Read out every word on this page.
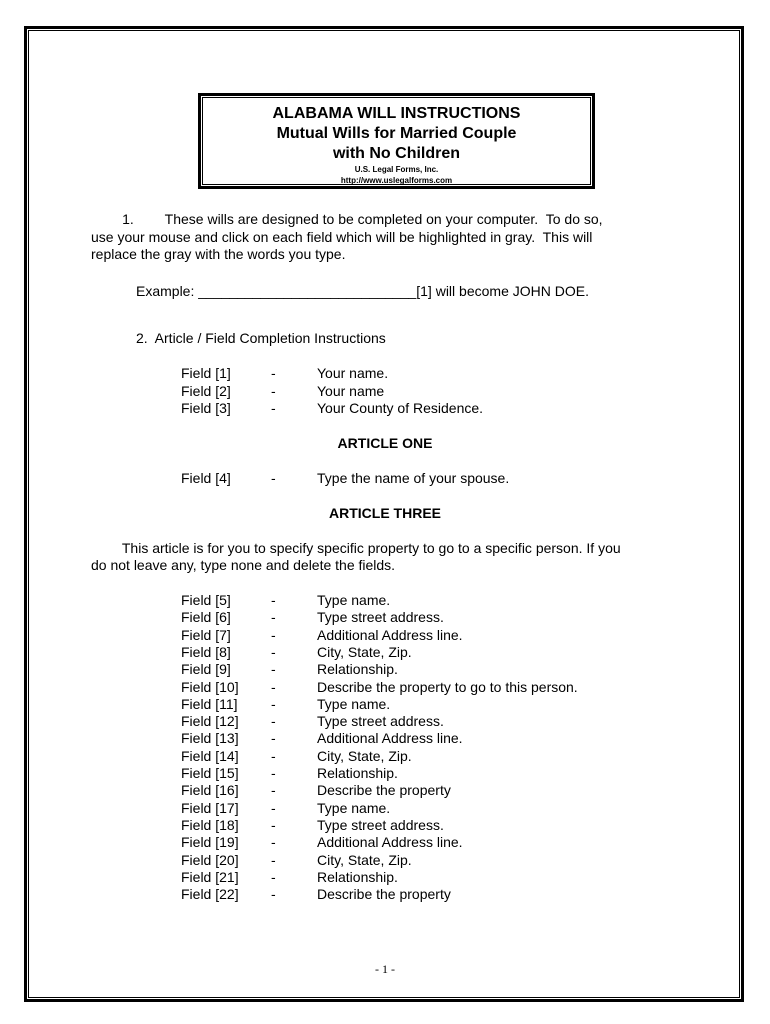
ALABAMA WILL INSTRUCTIONS
Mutual Wills for Married Couple
with No Children
U.S. Legal Forms, Inc.
http://www.uslegalforms.com
1.        These wills are designed to be completed on your computer.  To do so,
use your mouse and click on each field which will be highlighted in gray.  This will
replace the gray with the words you type.
Example: ____________________________[1] will become JOHN DOE.
2.  Article / Field Completion Instructions
Field [1]	-	Your name.
Field [2]	-	Your name
Field [3]	-	Your County of Residence.
ARTICLE ONE
Field [4]	-	Type the name of your spouse.
ARTICLE THREE
This article is for you to specify specific property to go to a specific person. If you
do not leave any, type none and delete the fields.
Field [5]	-	Type name.
Field [6]	-	Type street address.
Field [7]	-	Additional Address line.
Field [8]	-	City, State, Zip.
Field [9]	-	Relationship.
Field [10] -	Describe the property to go to this person.
Field [11] -	Type name.
Field [12] -	Type street address.
Field [13] -	Additional Address line.
Field [14] -	City, State, Zip.
Field [15] -	Relationship.
Field [16] -	Describe the property
Field [17] -	Type name.
Field [18] -	Type street address.
Field [19] -	Additional Address line.
Field [20] -	City, State, Zip.
Field [21] -	Relationship.
Field [22] -	Describe the property
- 1 -
